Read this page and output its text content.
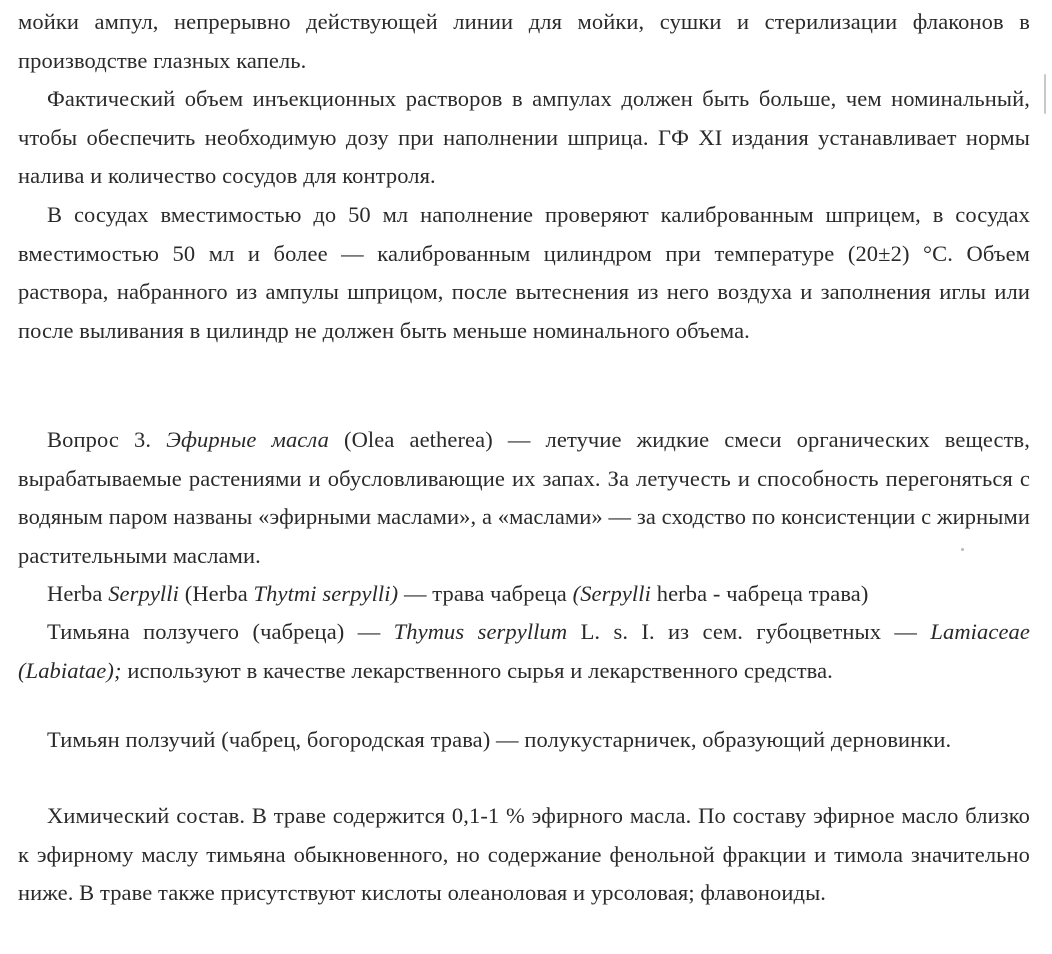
мойки ампул, непрерывно действующей линии для мойки, сушки и стерилизации флаконов в производстве глазных капель.

Фактический объем инъекционных растворов в ампулах должен быть больше, чем номинальный, чтобы обеспечить необходимую дозу при наполнении шприца. ГФ XI издания устанавливает нормы налива и количество сосудов для контроля.

В сосудах вместимостью до 50 мл наполнение проверяют калиброванным шприцем, в сосудах вместимостью 50 мл и более — калиброванным цилиндром при температуре (20±2) °С. Объем раствора, набранного из ампулы шприцом, после вытеснения из него воздуха и заполнения иглы или после выливания в цилиндр не должен быть меньше номинального объема.

Вопрос 3. Эфирные масла (Olea aetherea) — летучие жидкие смеси органических веществ, вырабатываемые растениями и обусловливающие их запах. За летучесть и способность перегоняться с водяным паром названы «эфирными маслами», а «маслами» — за сходство по консистенции с жирными растительными маслами.

Herba Serpylli (Herba Thytmi serpylli) — трава чабреца (Serpylli herba - чабреца трава)

Тимьяна ползучего (чабреца) — Thymus serpyllum L. s. I. из сем. губоцветных — Lamiaceae (Labiatae); используют в качестве лекарственного сырья и лекарственного средства.

Тимьян ползучий (чабрец, богородская трава) — полукустарничек, образующий дерновинки.

Химический состав. В траве содержится 0,1-1 % эфирного масла. По составу эфирное масло близко к эфирному маслу тимьяна обыкновенного, но содержание фенольной фракции и тимола значительно ниже. В траве также присутствуют кислоты олеаноловая и урсоловая; флавоноиды.
